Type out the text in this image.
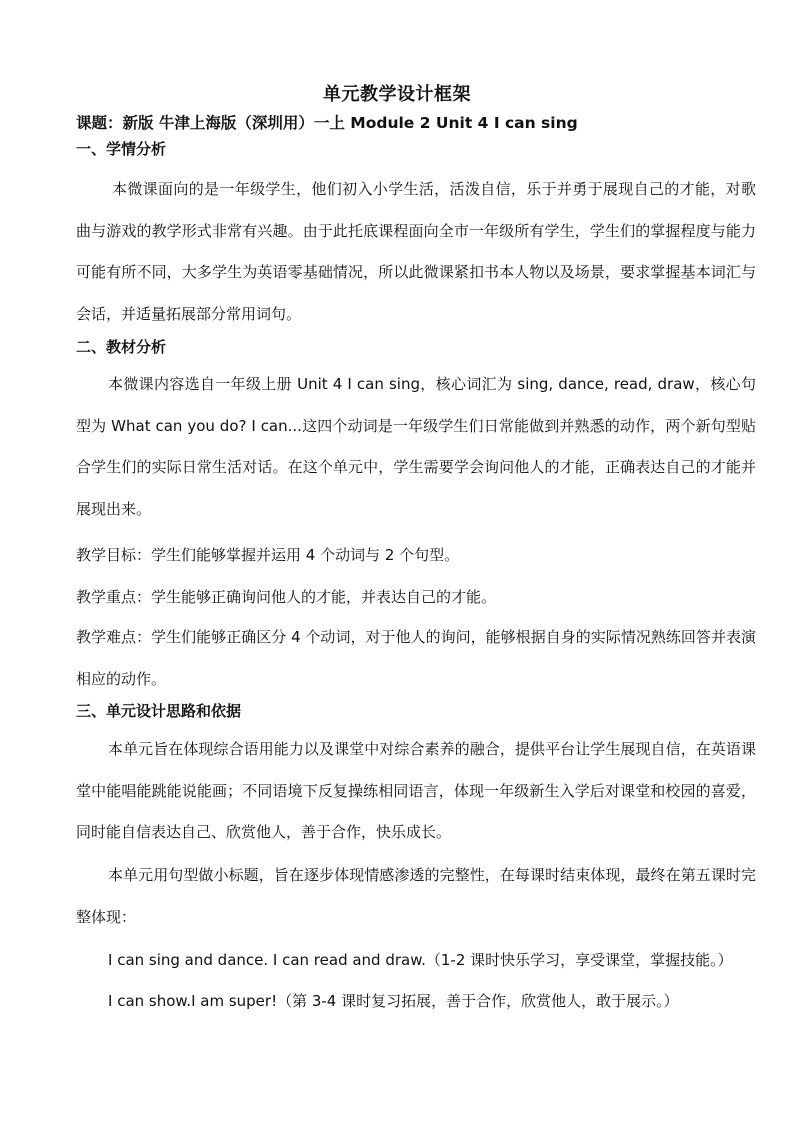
单元教学设计框架
课题：新版 牛津上海版（深圳用）一上 Module 2 Unit 4 I can sing
一、学情分析
本微课面向的是一年级学生，他们初入小学生活，活泼自信，乐于并勇于展现自己的才能，对歌曲与游戏的教学形式非常有兴趣。由于此托底课程面向全市一年级所有学生，学生们的掌握程度与能力可能有所不同，大多学生为英语零基础情况，所以此微课紧扣书本人物以及场景，要求掌握基本词汇与会话，并适量拓展部分常用词句。
二、教材分析
本微课内容选自一年级上册 Unit 4 I can sing，核心词汇为 sing, dance, read, draw，核心句型为 What can you do? I can...这四个动词是一年级学生们日常能做到并熟悉的动作，两个新句型贴合学生们的实际日常生活对话。在这个单元中，学生需要学会询问他人的才能，正确表达自己的才能并展现出来。
教学目标：学生们能够掌握并运用 4 个动词与 2 个句型。
教学重点：学生能够正确询问他人的才能，并表达自己的才能。
教学难点：学生们能够正确区分 4 个动词，对于他人的询问，能够根据自身的实际情况熟练回答并表演相应的动作。
三、单元设计思路和依据
本单元旨在体现综合语用能力以及课堂中对综合素养的融合，提供平台让学生展现自信，在英语课堂中能唱能跳能说能画；不同语境下反复操练相同语言，体现一年级新生入学后对课堂和校园的喜爱，同时能自信表达自己、欣赏他人，善于合作，快乐成长。
本单元用句型做小标题，旨在逐步体现情感渗透的完整性，在每课时结束体现，最终在第五课时完整体现：
I can sing and dance. I can read and draw.（1-2 课时快乐学习，享受课堂，掌握技能。）
I can show.I am super!（第 3-4 课时复习拓展，善于合作，欣赏他人，敢于展示。）
